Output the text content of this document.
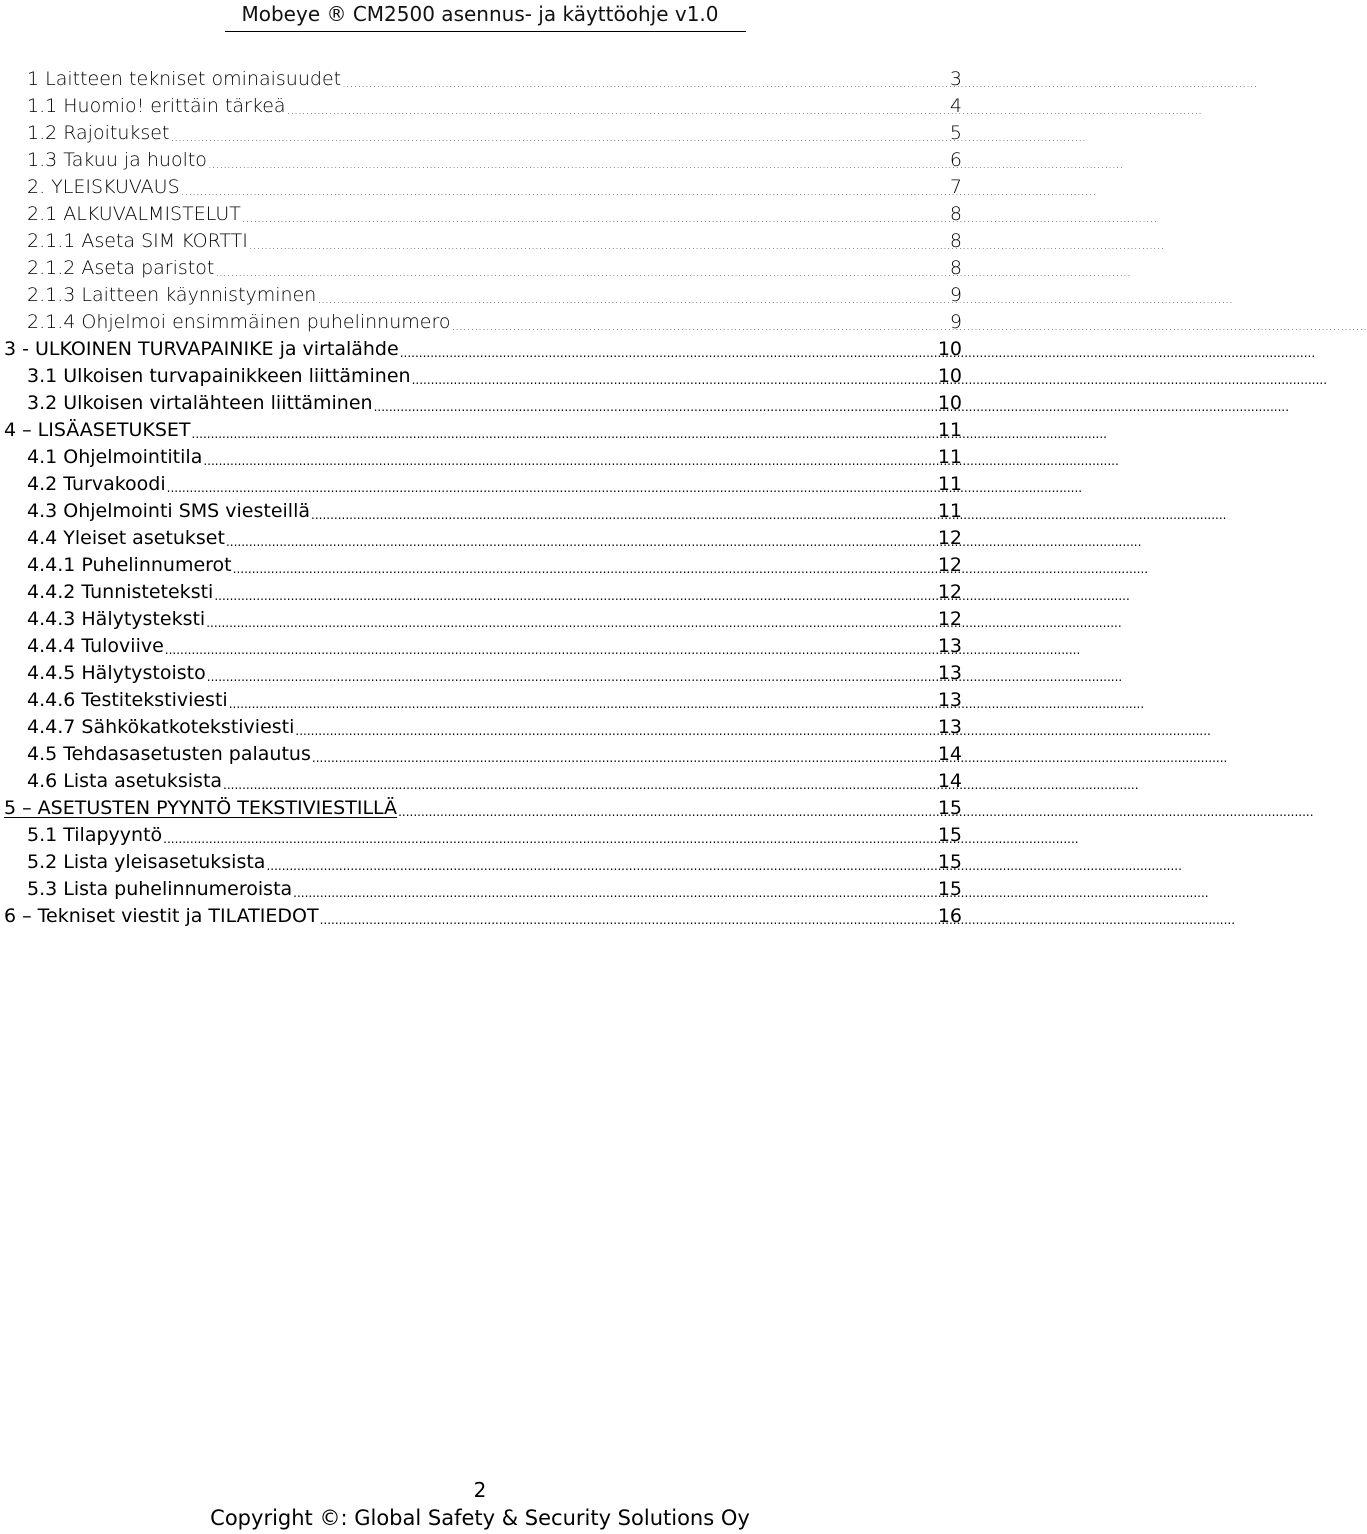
Mobeye ® CM2500 asennus- ja käyttöohje v1.0
1 Laitteen tekniset ominaisuudet .....	3
1.1 Huomio! erittäin tärkeä .....	4
1.2 Rajoitukset .....	5
1.3 Takuu ja huolto .....	6
2. YLEISKUVAUS .....	7
2.1 ALKUVALMISTELUT .....	8
2.1.1 Aseta SIM KORTTI .....	8
2.1.2 Aseta paristot .....	8
2.1.3 Laitteen käynnistyminen .....	9
2.1.4 Ohjelmoi ensimmäinen puhelinnumero .....	9
3 - ULKOINEN TURVAPAINIKE ja virtalähde .....	10
3.1 Ulkoisen turvapainikkeen liittäminen .....	10
3.2 Ulkoisen virtalähteen liittäminen .....	10
4 – LISÄASETUKSET .....	11
4.1 Ohjelmointitila .....	11
4.2 Turvakoodi .....	11
4.3 Ohjelmointi SMS viesteillä .....	11
4.4 Yleiset asetukset .....	12
4.4.1 Puhelinnumerot .....	12
4.4.2 Tunnisteteksti .....	12
4.4.3 Hälytysteksti .....	12
4.4.4 Tuloviive .....	13
4.4.5 Hälytystoisto .....	13
4.4.6 Testitekstiviesti .....	13
4.4.7 Sähkökatkotekstiviesti .....	13
4.5 Tehdasasetusten palautus .....	14
4.6 Lista asetuksista .....	14
5 – ASETUSTEN PYYNTÖ TEKSTIVIESTILLÄ .....	15
5.1 Tilapyyntö .....	15
5.2 Lista yleisasetuksista .....	15
5.3 Lista puhelinnumeroista .....	15
6 – Tekniset viestit ja TILATIEDOT .....	16
2
Copyright ©: Global Safety & Security Solutions Oy
